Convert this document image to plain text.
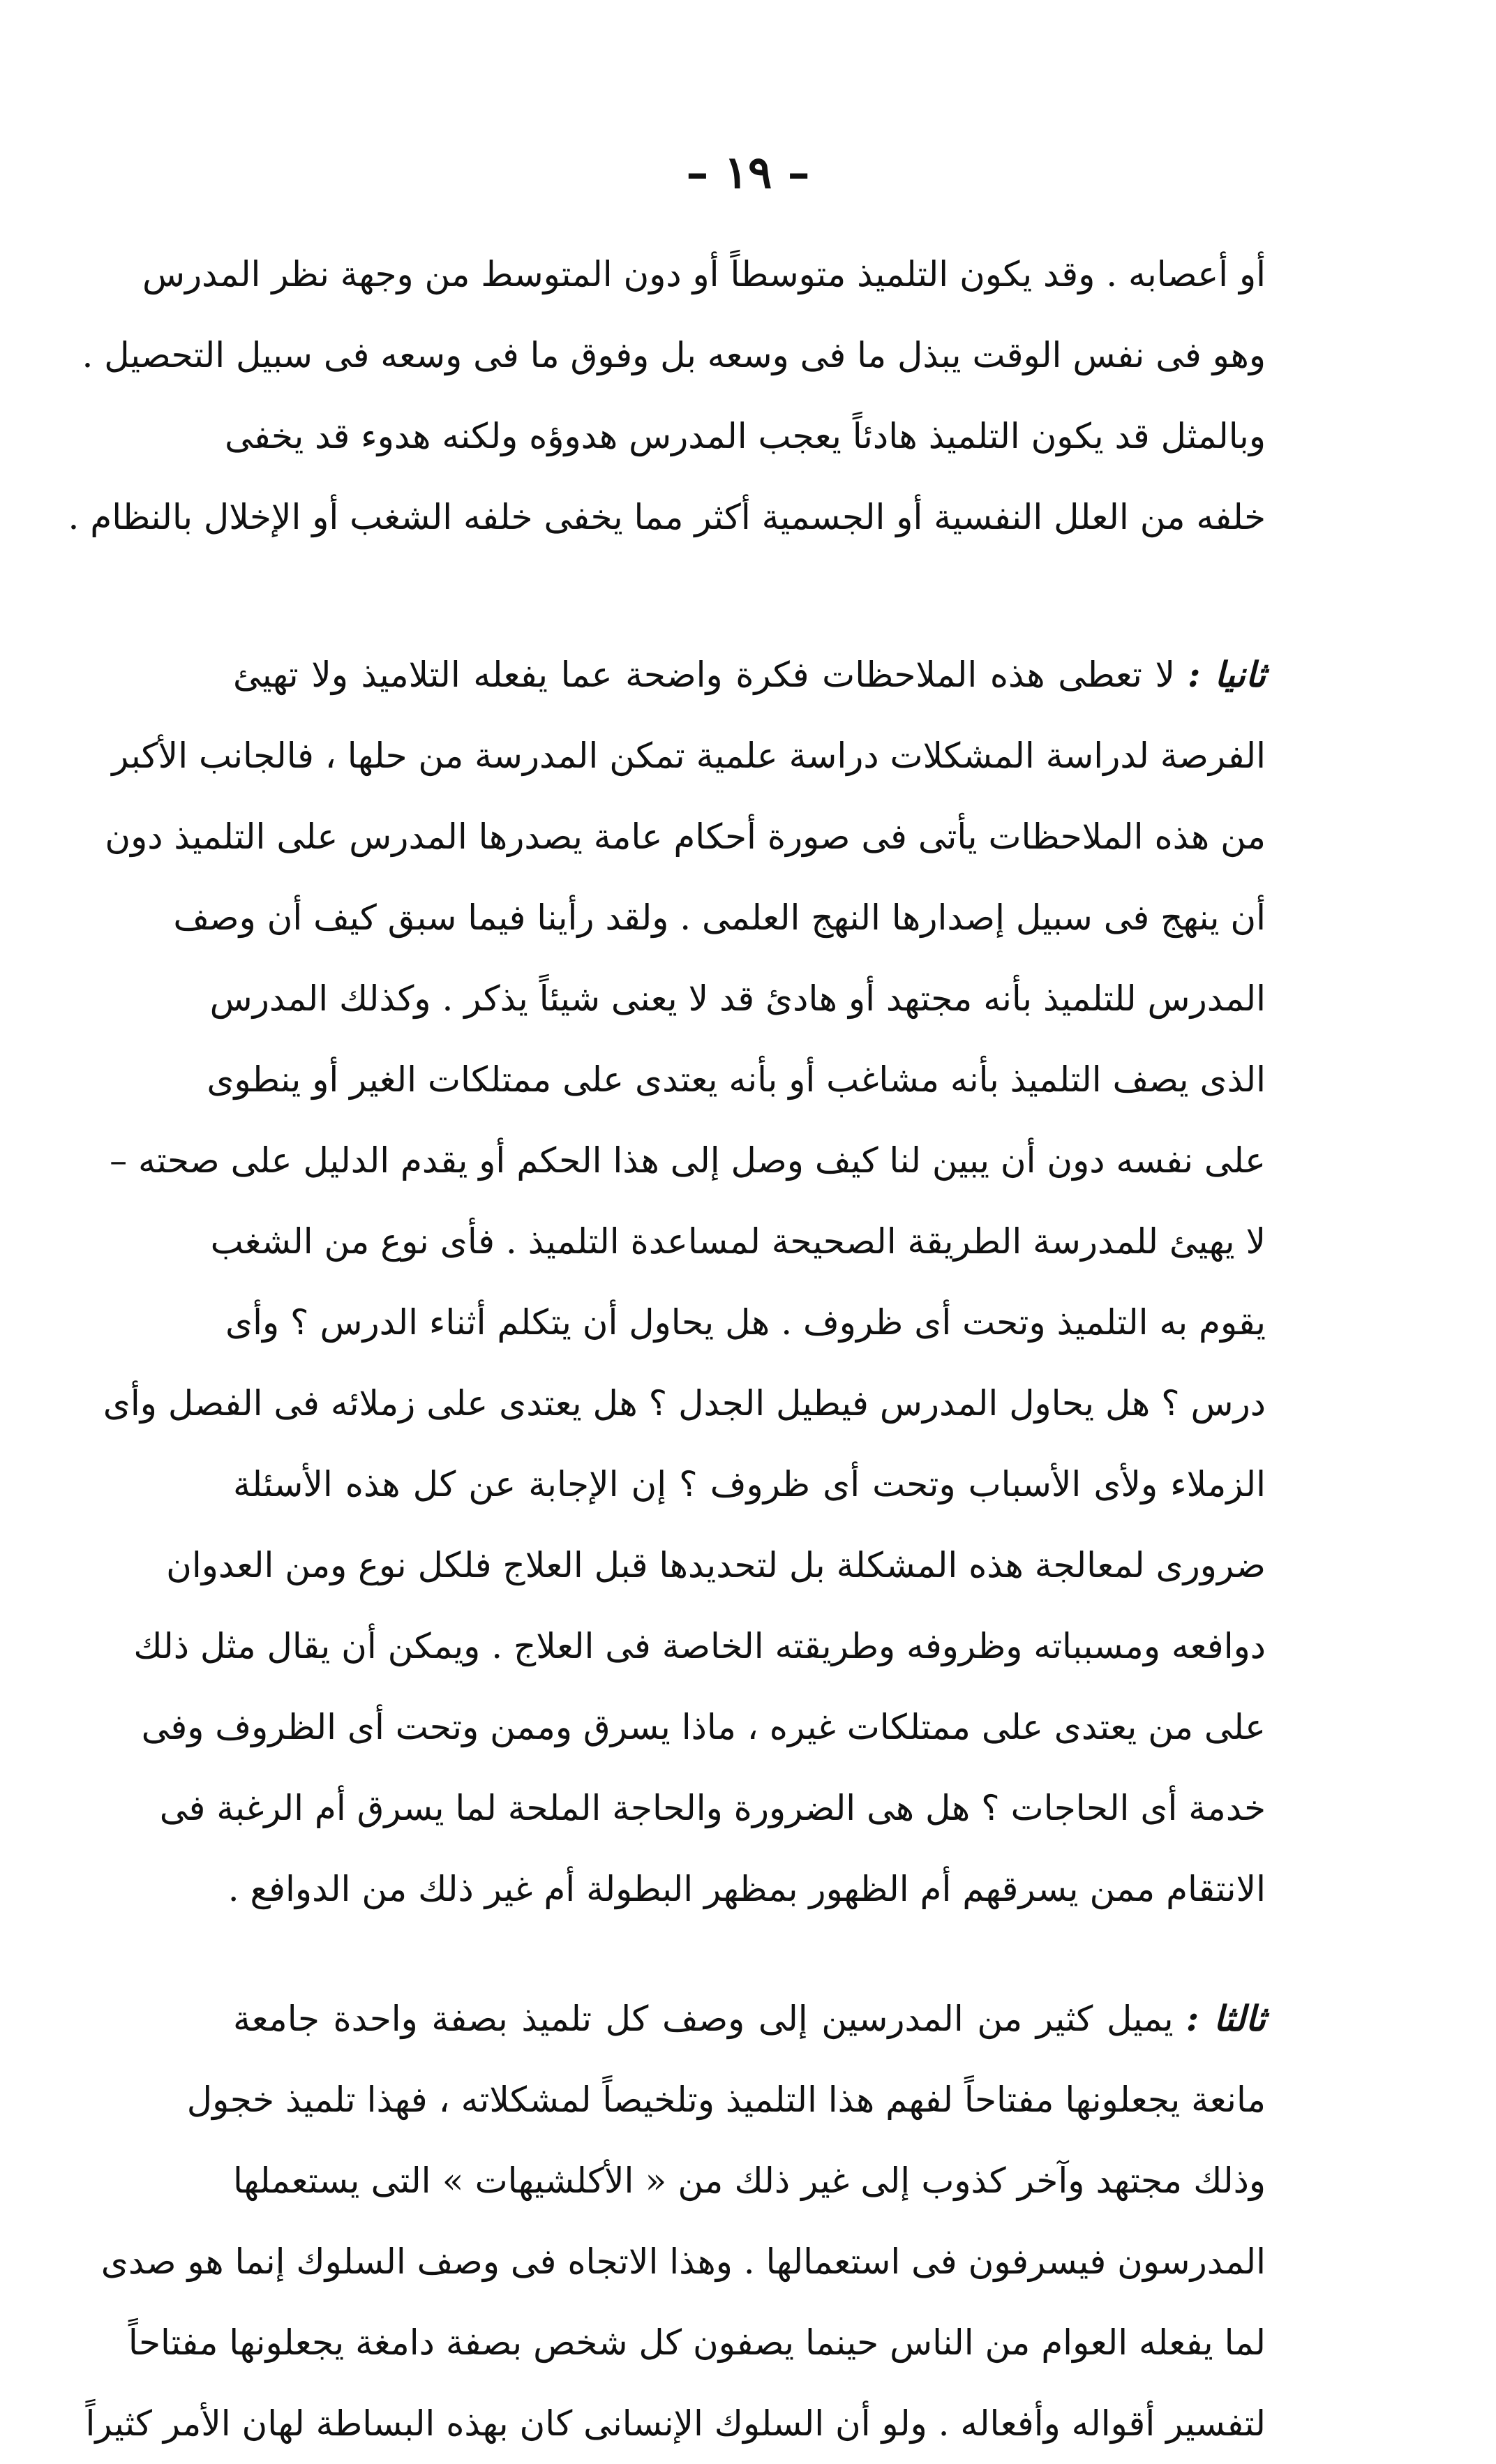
– ١٩ –
أو أعصابه . وقد يكون التلميذ متوسطاً أو دون المتوسط من وجهة نظر المدرس
وهو فى نفس الوقت يبذل ما فى وسعه بل وفوق ما فى وسعه فى سبيل التحصيل .
وبالمثل قد يكون التلميذ هادئاً يعجب المدرس هدوؤه ولكنه هدوء قد يخفى
خلفه من العلل النفسية أو الجسمية أكثر مما يخفى خلفه الشغب أو الإخلال بالنظام .
ثانيا :لا تعطى هذه الملاحظات فكرة واضحة عما يفعله التلاميذ ولا تهيئ
الفرصة لدراسة المشكلات دراسة علمية تمكن المدرسة من حلها ، فالجانب الأكبر
من هذه الملاحظات يأتى فى صورة أحكام عامة يصدرها المدرس على التلميذ دون
أن ينهج فى سبيل إصدارها النهج العلمى . ولقد رأينا فيما سبق كيف أن وصف
المدرس للتلميذ بأنه مجتهد أو هادئ قد لا يعنى شيئاً يذكر . وكذلك المدرس
الذى يصف التلميذ بأنه مشاغب أو بأنه يعتدى على ممتلكات الغير أو ينطوى
على نفسه دون أن يبين لنا كيف وصل إلى هذا الحكم أو يقدم الدليل على صحته –
لا يهيئ للمدرسة الطريقة الصحيحة لمساعدة التلميذ . فأى نوع من الشغب
يقوم به التلميذ وتحت أى ظروف . هل يحاول أن يتكلم أثناء الدرس ؟ وأى
درس ؟ هل يحاول المدرس فيطيل الجدل ؟ هل يعتدى على زملائه فى الفصل وأى
الزملاء ولأى الأسباب وتحت أى ظروف ؟ إن الإجابة عن كل هذه الأسئلة
ضرورى لمعالجة هذه المشكلة بل لتحديدها قبل العلاج فلكل نوع ومن العدوان
دوافعه ومسبباته وظروفه وطريقته الخاصة فى العلاج . ويمكن أن يقال مثل ذلك
على من يعتدى على ممتلكات غيره ، ماذا يسرق وممن وتحت أى الظروف وفى
خدمة أى الحاجات ؟ هل هى الضرورة والحاجة الملحة لما يسرق أم الرغبة فى
الانتقام ممن يسرقهم أم الظهور بمظهر البطولة أم غير ذلك من الدوافع .
ثالثا :يميل كثير من المدرسين إلى وصف كل تلميذ بصفة واحدة جامعة
مانعة يجعلونها مفتاحاً لفهم هذا التلميذ وتلخيصاً لمشكلاته ، فهذا تلميذ خجول
وذلك مجتهد وآخر كذوب إلى غير ذلك من « الأكلشيهات » التى يستعملها
المدرسون فيسرفون فى استعمالها . وهذا الاتجاه فى وصف السلوك إنما هو صدى
لما يفعله العوام من الناس حينما يصفون كل شخص بصفة دامغة يجعلونها مفتاحاً
لتفسير أقواله وأفعاله . ولو أن السلوك الإنسانى كان بهذه البساطة لهان الأمر كثيراً
